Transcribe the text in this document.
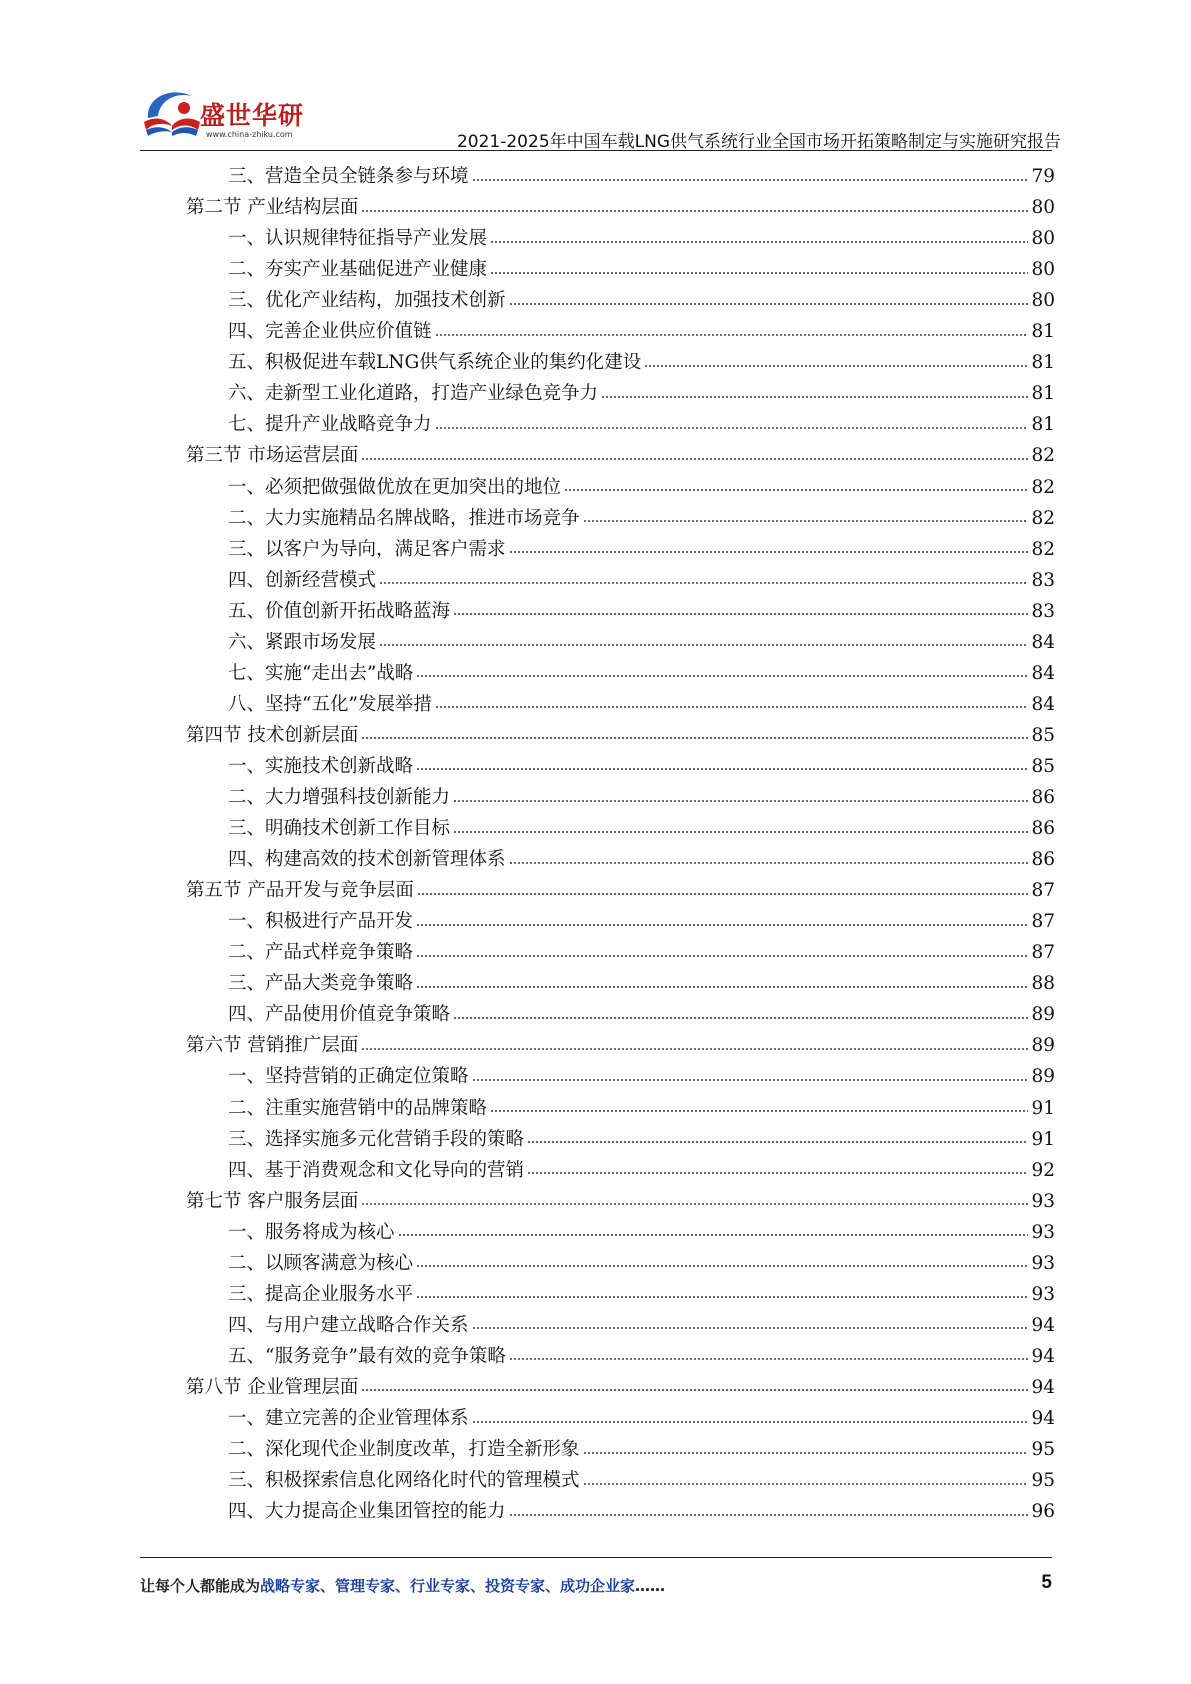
盛世华研
www.china-zhiku.com	2021-2025年中国车载LNG供气系统行业全国市场开拓策略制定与实施研究报告
三、营造全员全链条参与环境	79
第二节 产业结构层面	80
一、认识规律特征指导产业发展	80
二、夯实产业基础促进产业健康	80
三、优化产业结构，加强技术创新	80
四、完善企业供应价值链	81
五、积极促进车载LNG供气系统企业的集约化建设	81
六、走新型工业化道路，打造产业绿色竞争力	81
七、提升产业战略竞争力	81
第三节 市场运营层面	82
一、必须把做强做优放在更加突出的地位	82
二、大力实施精品名牌战略，推进市场竞争	82
三、以客户为导向，满足客户需求	82
四、创新经营模式	83
五、价值创新开拓战略蓝海	83
六、紧跟市场发展	84
七、实施“走出去”战略	84
八、坚持“五化”发展举措	84
第四节 技术创新层面	85
一、实施技术创新战略	85
二、大力增强科技创新能力	86
三、明确技术创新工作目标	86
四、构建高效的技术创新管理体系	86
第五节 产品开发与竞争层面	87
一、积极进行产品开发	87
二、产品式样竞争策略	87
三、产品大类竞争策略	88
四、产品使用价值竞争策略	89
第六节 营销推广层面	89
一、坚持营销的正确定位策略	89
二、注重实施营销中的品牌策略	91
三、选择实施多元化营销手段的策略	91
四、基于消费观念和文化导向的营销	92
第七节 客户服务层面	93
一、服务将成为核心	93
二、以顾客满意为核心	93
三、提高企业服务水平	93
四、与用户建立战略合作关系	94
五、“服务竞争”最有效的竞争策略	94
第八节 企业管理层面	94
一、建立完善的企业管理体系	94
二、深化现代企业制度改革，打造全新形象	95
三、积极探索信息化网络化时代的管理模式	95
四、大力提高企业集团管控的能力	96
让每个人都能成为战略专家、管理专家、行业专家、投资专家、成功企业家……	5
